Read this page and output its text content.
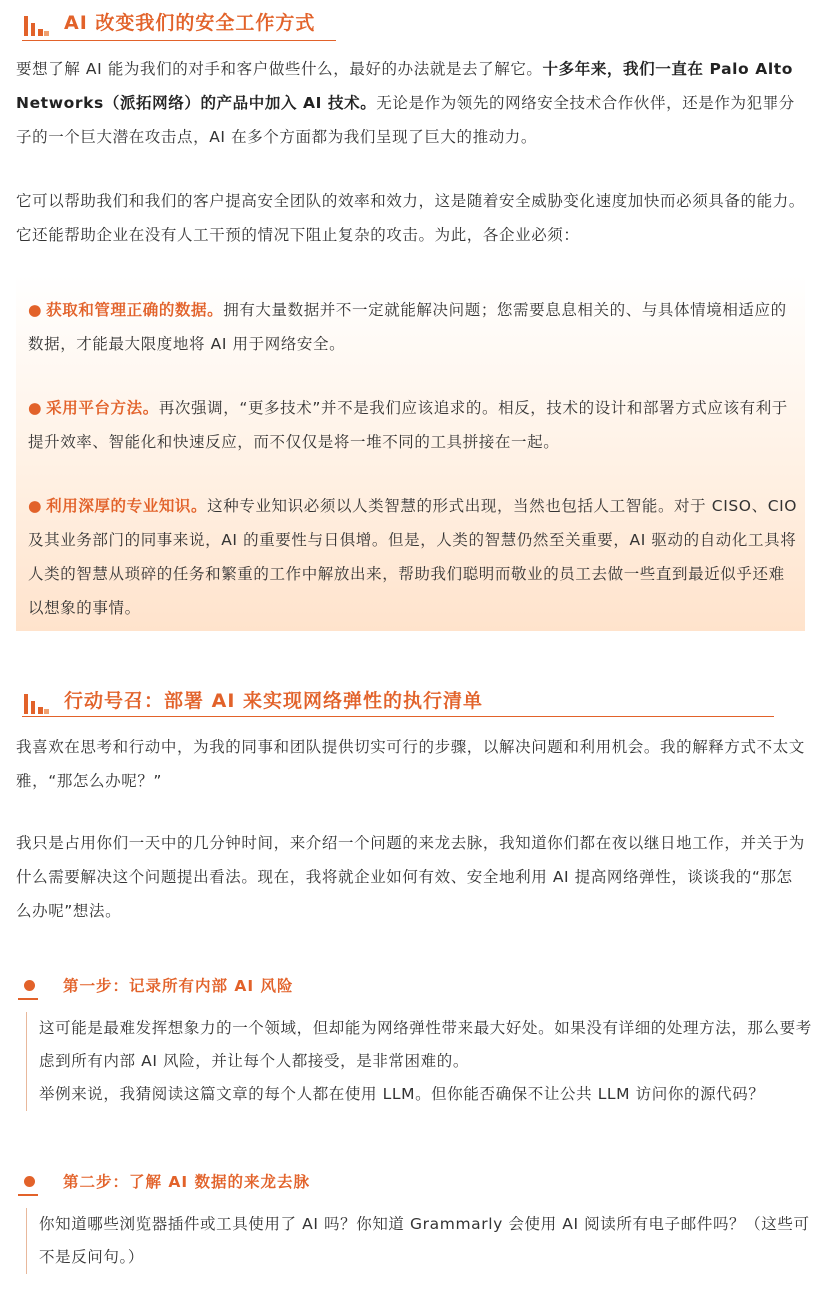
AI 改变我们的安全工作方式

要想了解 AI 能为我们的对手和客户做些什么，最好的办法就是去了解它。十多年来，我们一直在 Palo Alto Networks（派拓网络）的产品中加入 AI 技术。无论是作为领先的网络安全技术合作伙伴，还是作为犯罪分子的一个巨大潜在攻击点，AI 在多个方面都为我们呈现了巨大的推动力。

它可以帮助我们和我们的客户提高安全团队的效率和效力，这是随着安全威胁变化速度加快而必须具备的能力。它还能帮助企业在没有人工干预的情况下阻止复杂的攻击。为此，各企业必须：

● 获取和管理正确的数据。拥有大量数据并不一定就能解决问题；您需要息息相关的、与具体情境相适应的数据，才能最大限度地将 AI 用于网络安全。

● 采用平台方法。再次强调，“更多技术”并不是我们应该追求的。相反，技术的设计和部署方式应该有利于提升效率、智能化和快速反应，而不仅仅是将一堆不同的工具拼接在一起。

● 利用深厚的专业知识。这种专业知识必须以人类智慧的形式出现，当然也包括人工智能。对于 CISO、CIO 及其业务部门的同事来说，AI 的重要性与日俱增。但是，人类的智慧仍然至关重要，AI 驱动的自动化工具将人类的智慧从琐碎的任务和繁重的工作中解放出来，帮助我们聪明而敬业的员工去做一些直到最近似乎还难以想象的事情。

行动号召：部署 AI 来实现网络弹性的执行清单

我喜欢在思考和行动中，为我的同事和团队提供切实可行的步骤，以解决问题和利用机会。我的解释方式不太文雅，“那怎么办呢？”

我只是占用你们一天中的几分钟时间，来介绍一个问题的来龙去脉，我知道你们都在夜以继日地工作，并关于为什么需要解决这个问题提出看法。现在，我将就企业如何有效、安全地利用 AI 提高网络弹性，谈谈我的“那怎么办呢”想法。

第一步：记录所有内部 AI 风险

这可能是最难发挥想象力的一个领域，但却能为网络弹性带来最大好处。如果没有详细的处理方法，那么要考虑到所有内部 AI 风险，并让每个人都接受，是非常困难的。

举例来说，我猜阅读这篇文章的每个人都在使用 LLM。但你能否确保不让公共 LLM 访问你的源代码？

第二步：了解 AI 数据的来龙去脉

你知道哪些浏览器插件或工具使用了 AI 吗？你知道 Grammarly 会使用 AI 阅读所有电子邮件吗？（这些可不是反问句。）
